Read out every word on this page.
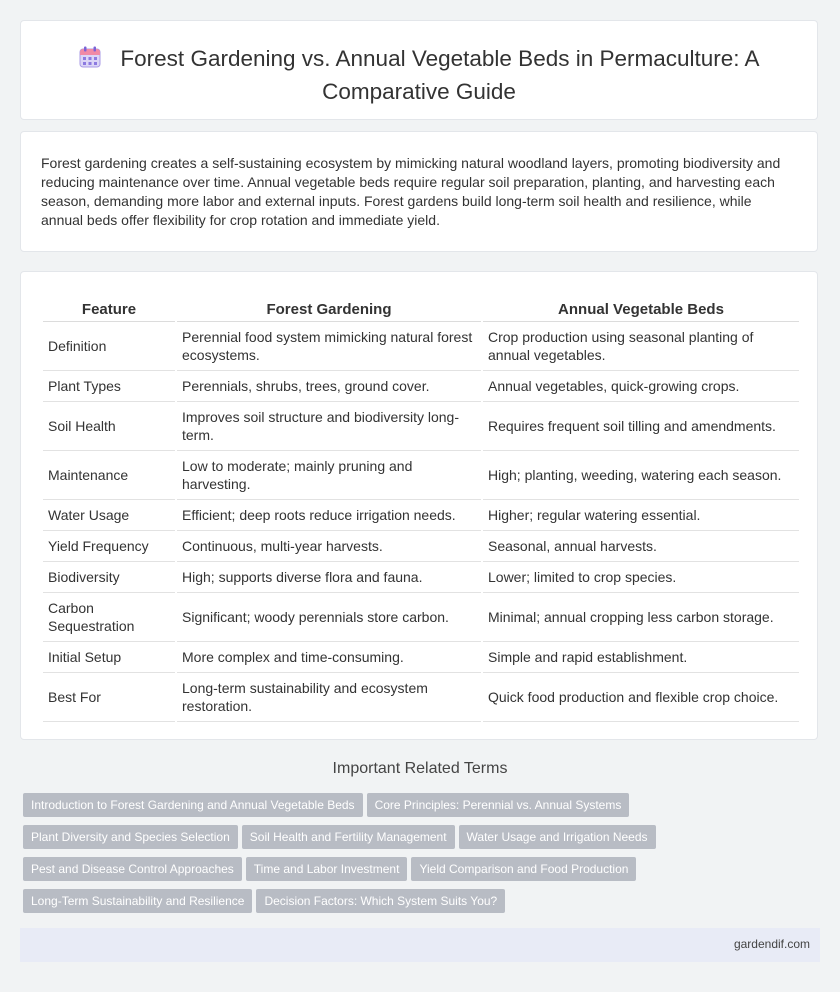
Forest Gardening vs. Annual Vegetable Beds in Permaculture: A Comparative Guide
Forest gardening creates a self-sustaining ecosystem by mimicking natural woodland layers, promoting biodiversity and reducing maintenance over time. Annual vegetable beds require regular soil preparation, planting, and harvesting each season, demanding more labor and external inputs. Forest gardens build long-term soil health and resilience, while annual beds offer flexibility for crop rotation and immediate yield.
Feature	Forest Gardening	Annual Vegetable Beds
Definition	Perennial food system mimicking natural forest ecosystems.	Crop production using seasonal planting of annual vegetables.
Plant Types	Perennials, shrubs, trees, ground cover.	Annual vegetables, quick-growing crops.
Soil Health	Improves soil structure and biodiversity long-term.	Requires frequent soil tilling and amendments.
Maintenance	Low to moderate; mainly pruning and harvesting.	High; planting, weeding, watering each season.
Water Usage	Efficient; deep roots reduce irrigation needs.	Higher; regular watering essential.
Yield Frequency	Continuous, multi-year harvests.	Seasonal, annual harvests.
Biodiversity	High; supports diverse flora and fauna.	Lower; limited to crop species.
Carbon Sequestration	Significant; woody perennials store carbon.	Minimal; annual cropping less carbon storage.
Initial Setup	More complex and time-consuming.	Simple and rapid establishment.
Best For	Long-term sustainability and ecosystem restoration.	Quick food production and flexible crop choice.
Important Related Terms
Introduction to Forest Gardening and Annual Vegetable Beds Core Principles: Perennial vs. Annual Systems
Plant Diversity and Species Selection Soil Health and Fertility Management Water Usage and Irrigation Needs
Pest and Disease Control Approaches Time and Labor Investment Yield Comparison and Food Production
Long-Term Sustainability and Resilience Decision Factors: Which System Suits You?
gardendif.com
